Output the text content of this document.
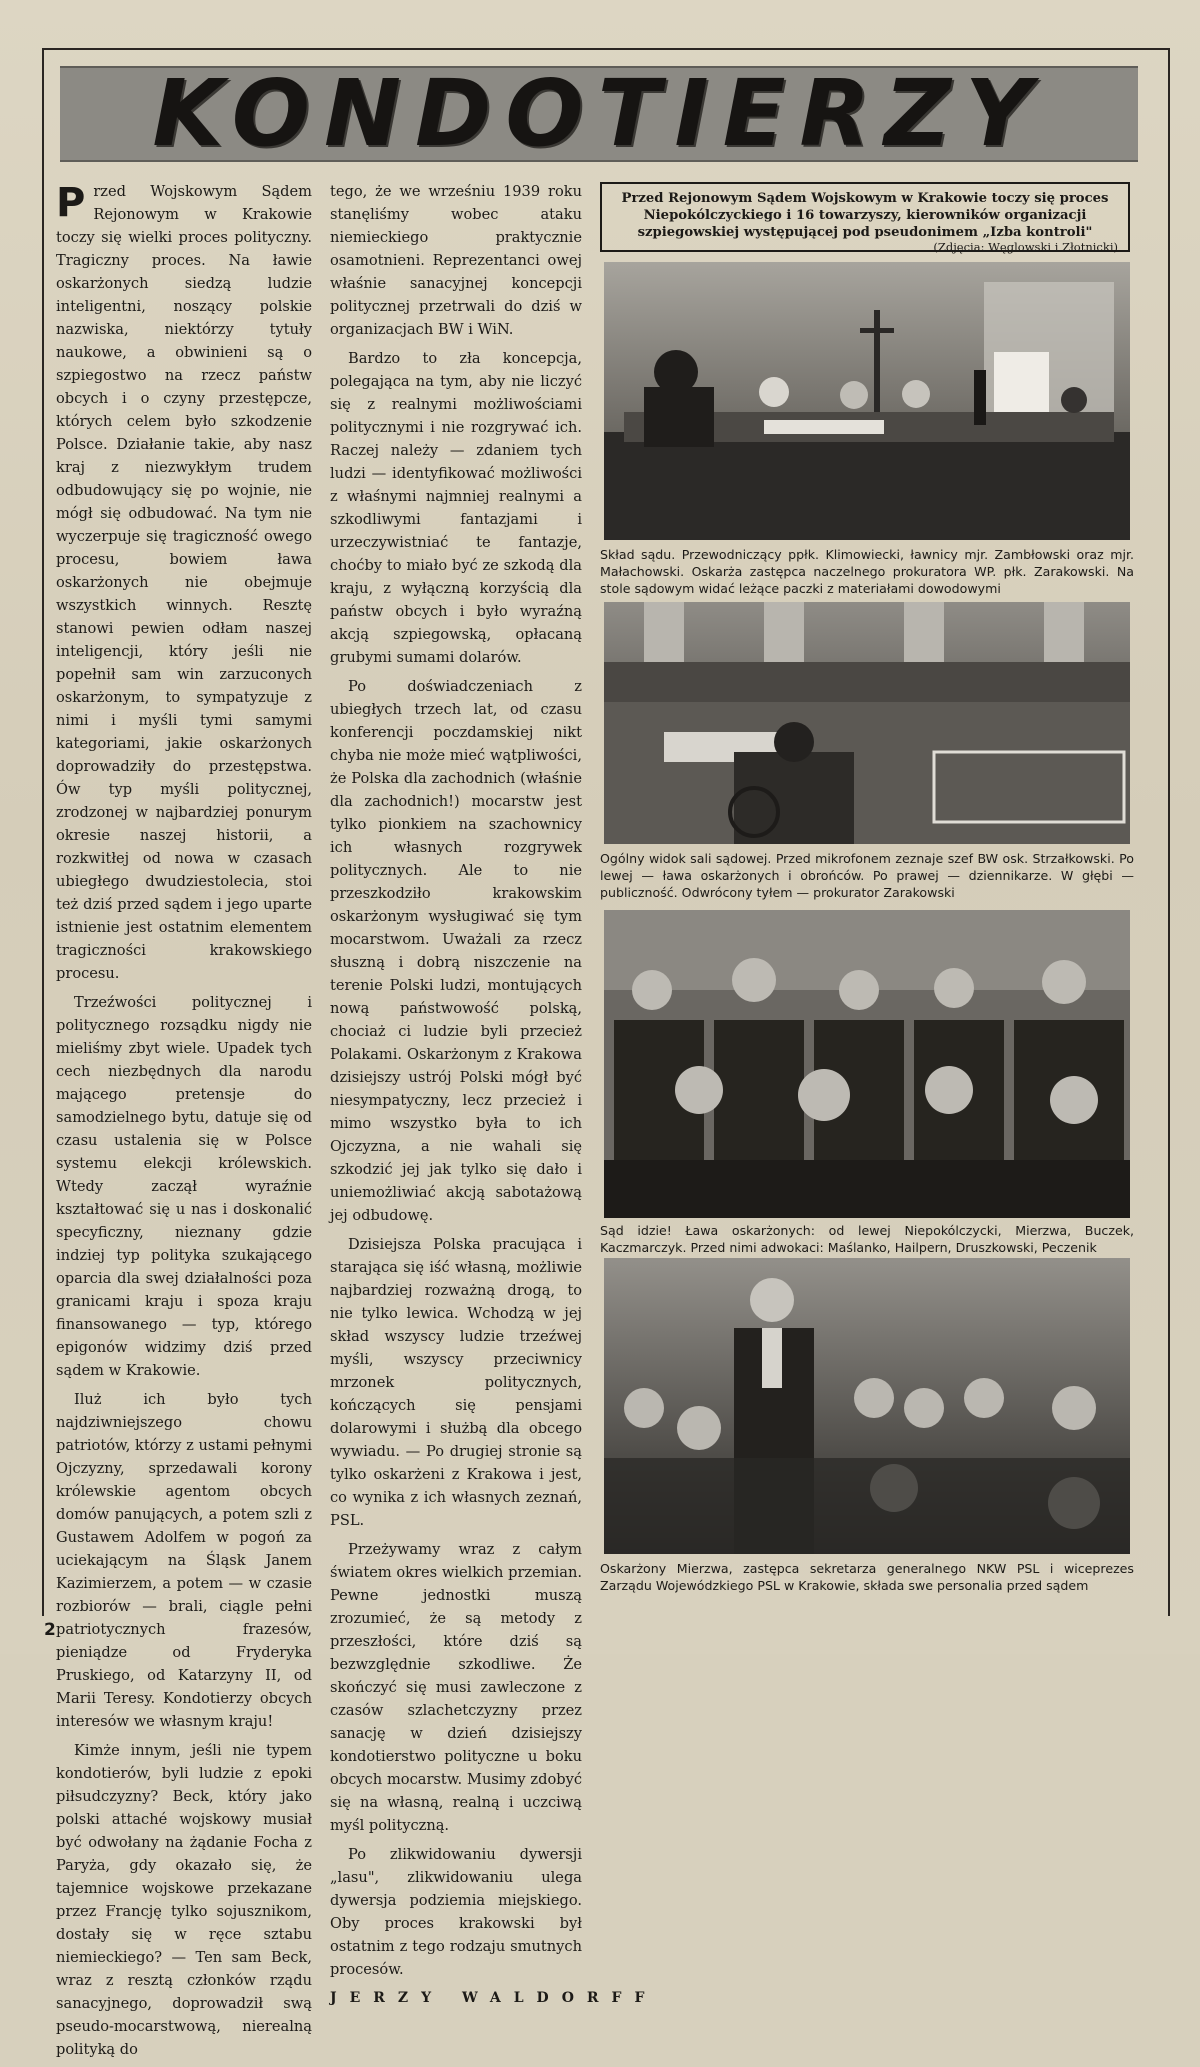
KONDOTIERZY

Przed Wojskowym Sądem Rejonowym w Krakowie toczy się wielki proces polityczny. Tragiczny proces. Na ławie oskarżonych siedzą ludzie inteligentni, noszący polskie nazwiska, niektórzy tytuły naukowe, a obwinieni są o szpiegostwo na rzecz państw obcych i o czyny przestępcze, których celem było szkodzenie Polsce. Działanie takie, aby nasz kraj z niezwykłym trudem odbudowujący się po wojnie, nie mógł się odbudować. Na tym nie wyczerpuje się tragiczność owego procesu, bowiem ława oskarżonych nie obejmuje wszystkich winnych. Resztę stanowi pewien odłam naszej inteligencji, który jeśli nie popełnił sam win zarzuconych oskarżonym, to sympatyzuje z nimi i myśli tymi samymi kategoriami, jakie oskarżonych doprowadziły do przestępstwa. Ów typ myśli politycznej, zrodzonej w najbardziej ponurym okresie naszej historii, a rozkwitłej od nowa w czasach ubiegłego dwudziestolecia, stoi też dziś przed sądem i jego uparte istnienie jest ostatnim elementem tragiczności krakowskiego procesu.

Trzeźwości politycznej i politycznego rozsądku nigdy nie mieliśmy zbyt wiele. Upadek tych cech niezbędnych dla narodu mającego pretensje do samodzielnego bytu, datuje się od czasu ustalenia się w Polsce systemu elekcji królewskich. Wtedy zaczął wyraźnie kształtować się u nas i doskonalić specyficzny, nieznany gdzie indziej typ polityka szukającego oparcia dla swej działalności poza granicami kraju i spoza kraju finansowanego — typ, którego epigonów widzimy dziś przed sądem w Krakowie.

Iluż ich było tych najdziwniejszego chowu patriotów, którzy z ustami pełnymi Ojczyzny, sprzedawali korony królewskie agentom obcych domów panujących, a potem szli z Gustawem Adolfem w pogoń za uciekającym na Śląsk Janem Kazimierzem, a potem — w czasie rozbiorów — brali, ciągle pełni patriotycznych frazesów, pieniądze od Fryderyka Pruskiego, od Katarzyny II, od Marii Teresy. Kondotierzy obcych interesów we własnym kraju!

Kimże innym, jeśli nie typem kondotierów, byli ludzie z epoki piłsudczyzny? Beck, który jako polski attaché wojskowy musiał być odwołany na żądanie Focha z Paryża, gdy okazało się, że tajemnice wojskowe przekazane przez Francję tylko sojusznikom, dostały się w ręce sztabu niemieckiego? — Ten sam Beck, wraz z resztą członków rządu sanacyjnego, doprowadził swą pseudo-mocarstwową, nierealną polityką do

tego, że we wrześniu 1939 roku stanęliśmy wobec ataku niemieckiego praktycznie osamotnieni. Reprezentanci owej właśnie sanacyjnej koncepcji politycznej przetrwali do dziś w organizacjach BW i WiN.

Bardzo to zła koncepcja, polegająca na tym, aby nie liczyć się z realnymi możliwościami politycznymi i nie rozgrywać ich. Raczej należy — zdaniem tych ludzi — identyfikować możliwości z właśnymi najmniej realnymi a szkodliwymi fantazjami i urzeczywistniać te fantazje, choćby to miało być ze szkodą dla kraju, z wyłączną korzyścią dla państw obcych i było wyraźną akcją szpiegowską, opłacaną grubymi sumami dolarów.

Po doświadczeniach z ubiegłych trzech lat, od czasu konferencji poczdamskiej nikt chyba nie może mieć wątpliwości, że Polska dla zachodnich (właśnie dla zachodnich!) mocarstw jest tylko pionkiem na szachownicy ich własnych rozgrywek politycznych. Ale to nie przeszkodziło krakowskim oskarżonym wysługiwać się tym mocarstwom. Uważali za rzecz słuszną i dobrą niszczenie na terenie Polski ludzi, montujących nową państwowość polską, chociaż ci ludzie byli przecież Polakami. Oskarżonym z Krakowa dzisiejszy ustrój Polski mógł być niesympatyczny, lecz przecież i mimo wszystko była to ich Ojczyzna, a nie wahali się szkodzić jej jak tylko się dało i uniemożliwiać akcją sabotażową jej odbudowę.

Dzisiejsza Polska pracująca i starająca się iść własną, możliwie najbardziej rozważną drogą, to nie tylko lewica. Wchodzą w jej skład wszyscy ludzie trzeźwej myśli, wszyscy przeciwnicy mrzonek politycznych, kończących się pensjami dolarowymi i służbą dla obcego wywiadu. — Po drugiej stronie są tylko oskarżeni z Krakowa i jest, co wynika z ich własnych zeznań, PSL.

Przeżywamy wraz z całym światem okres wielkich przemian. Pewne jednostki muszą zrozumieć, że są metody z przeszłości, które dziś są bezwzględnie szkodliwe. Że skończyć się musi zawleczone z czasów szlachetczyzny przez sanację w dzień dzisiejszy kondotierstwo polityczne u boku obcych mocarstw. Musimy zdobyć się na własną, realną i uczciwą myśl polityczną.

Po zlikwidowaniu dywersji „lasu", zlikwidowaniu ulega dywersja podziemia miejskiego. Oby proces krakowski był ostatnim z tego rodzaju smutnych procesów.

JERZY WALDORFF
Przed Rejonowym Sądem Wojskowym w Krakowie toczy się proces Niepokólczyckiego i 16 towarzyszy, kierowników organizacji szpiegowskiej występującej pod pseudonimem „Izba kontroli"
(Zdjęcia: Węglowski i Złotnicki)
Skład sądu. Przewodniczący ppłk. Klimowiecki, ławnicy mjr. Zambłowski oraz mjr. Małachowski. Oskarża zastępca naczelnego prokuratora WP. płk. Zarakowski. Na stole sądowym widać leżące paczki z materiałami dowodowymi
Ogólny widok sali sądowej. Przed mikrofonem zeznaje szef BW osk. Strzałkowski. Po lewej — ława oskarżonych i obrońców. Po prawej — dziennikarze. W głębi — publiczność. Odwrócony tyłem — prokurator Zarakowski
Sąd idzie! Ława oskarżonych: od lewej Niepokólczycki, Mierzwa, Buczek, Kaczmarczyk. Przed nimi adwokaci: Maślanko, Hailpern, Druszkowski, Peczenik
Oskarżony Mierzwa, zastępca sekretarza generalnego NKW PSL i wiceprezes Zarządu Wojewódzkiego PSL w Krakowie, składa swe personalia przed sądem
2
